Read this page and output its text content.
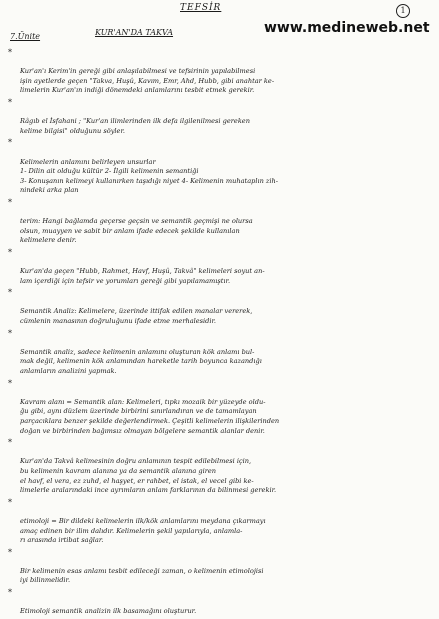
TEFSİR	1
www.medineweb.net
7.Ünite	KUR'AN'DA TAKVA

*

Kur'an'ı Kerim'in gereği gibi anlaşılabilmesi ve tefsirinin yapılabilmesi
işin ayetlerde geçen "Takva, Huşû, Kavım, Emr, Ahd, Hubb, gibi anahtar ke-
limelerin Kur'an'ın indiği dönemdeki anlamlarını tesbit etmek gerekir.

*

Râgıb el İsfahani ; "Kur'an ilimlerinden ilk defa ilgilenilmesi gereken
kelime bilgisi" olduğunu söyler.

*

Kelimelerin anlamını belirleyen unsurlar
1- Dilin ait olduğu kültür 2- İlgili kelimenin semantiği
3- Konuşanın kelimeyi kullanırken taşıdığı niyet 4- Kelimenin muhataplın zih-
nindeki arka plan

*

terim: Hangi bağlamda geçerse geçsin ve semantik geçmişi ne olursa
olsun, muayyen ve sabit bir anlam ifade edecek şekilde kullanılan
kelimelere denir.

*

Kur'an'da geçen "Hubb, Rahmet, Havf, Huşû, Takvâ" kelimeleri soyut an-
lam içerdiği için tefsir ve yorumları gereği gibi yapılamamıştır.

*

Semantik Analiz: Kelimelere, üzerinde ittifak edilen manalar vererek,
cümlenin manasının doğruluğunu ifade etme merhalesidir.

*

Semantik analiz, sadece kelimenin anlamını oluşturan kök anlamı bul-
mak değil, kelimenin kök anlamından hareketle tarih boyunca kazandığı
anlamların analizini yapmak.

*

Kavram alanı = Semantik alan: Kelimeleri, tıpkı mozaik bir yüzeyde oldu-
ğu gibi, aynı düzlem üzerinde birbirini sınırlandıran ve de tamamlayan
parçacıklara benzer şekilde değerlendirmek. Çeşitli kelimelerin ilişkilerinden
doğan ve birbirinden bağımsız olmayan bölgelere semantik alanlar denir.

*

Kur'an'da Takvâ kelimesinin doğru anlamının tespit edilebilmesi için,
bu kelimenin kavram alanına ya da semantik alanına giren
el havf, el vera, ez zuhd, el haşyet, er rahbet, el istak, el vecel gibi ke-
limelerle aralarındaki ince ayrımların anlam farklarının da bilinmesi gerekir.

*

etimoloji = Bir dildeki kelimelerin ilk/kök anlamlarını meydana çıkarmayı
amaç edinen bir ilim dalıdır. Kelimelerin şekil yapılarıyla, anlamla-
rı arasında irtibat sağlar.

*

Bir kelimenin esas anlamı tesbit edileceği zaman, o kelimenin etimolojisi
iyi bilinmelidir.

*

Etimoloji semantik analizin ilk basamağını oluşturur.
